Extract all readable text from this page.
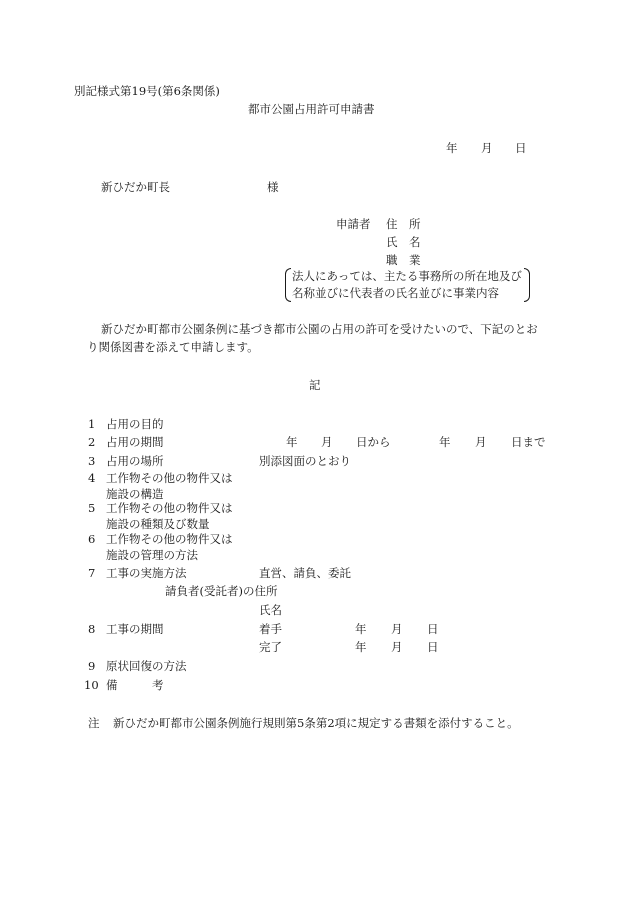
別記様式第19号(第6条関係)
都市公園占用許可申請書
年 月 日
新ひだか町長	様
申請者 住　所
氏　名
職　業
法人にあっては、主たる事務所の所在地及び
名称並びに代表者の氏名並びに事業内容
新ひだか町都市公園条例に基づき都市公園の占用の許可を受けたいので、下記のとお
り関係図書を添えて申請します。
記
1 占用の目的
2 占用の期間	年 月 日から	年 月 日まで
3 占用の場所	別添図面のとおり
4 工作物その他の物件又は
施設の構造
5 工作物その他の物件又は
施設の種類及び数量
6 工作物その他の物件又は
施設の管理の方法
7 工事の実施方法	直営、請負、委託
請負者(受託者)の住所
氏名
8 工事の期間	着手	年 月 日
完了	年 月 日
9 原状回復の方法
10 備　　　考
注 新ひだか町都市公園条例施行規則第5条第2項に規定する書類を添付すること。
